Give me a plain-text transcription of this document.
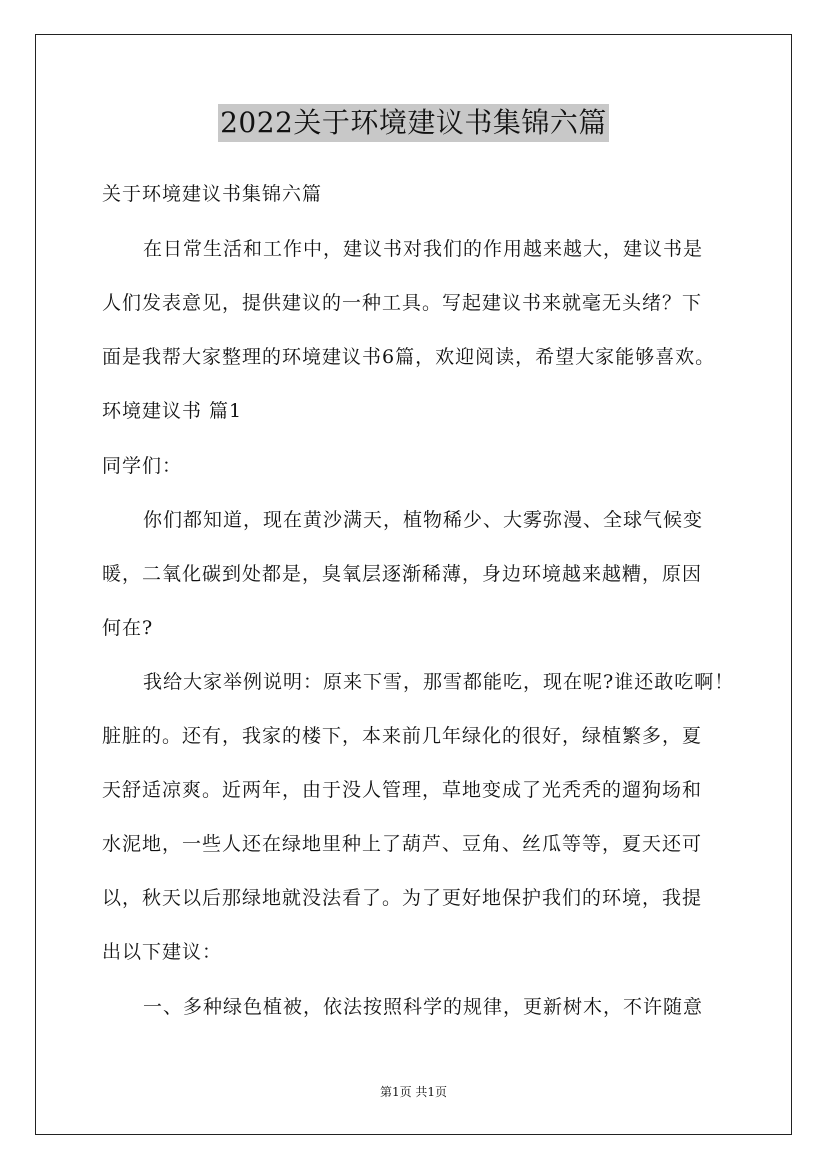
2022关于环境建议书集锦六篇
关于环境建议书集锦六篇
在日常生活和工作中，建议书对我们的作用越来越大，建议书是
人们发表意见，提供建议的一种工具。写起建议书来就毫无头绪？下
面是我帮大家整理的环境建议书6篇，欢迎阅读，希望大家能够喜欢。
环境建议书 篇1
同学们：
你们都知道，现在黄沙满天，植物稀少、大雾弥漫、全球气候变
暖，二氧化碳到处都是，臭氧层逐渐稀薄，身边环境越来越糟，原因
何在?
我给大家举例说明：原来下雪，那雪都能吃，现在呢?谁还敢吃啊！
脏脏的。还有，我家的楼下，本来前几年绿化的很好，绿植繁多，夏
天舒适凉爽。近两年，由于没人管理，草地变成了光秃秃的遛狗场和
水泥地，一些人还在绿地里种上了葫芦、豆角、丝瓜等等，夏天还可
以，秋天以后那绿地就没法看了。为了更好地保护我们的环境，我提
出以下建议：
一、多种绿色植被，依法按照科学的规律，更新树木，不许随意
第1页 共1页
